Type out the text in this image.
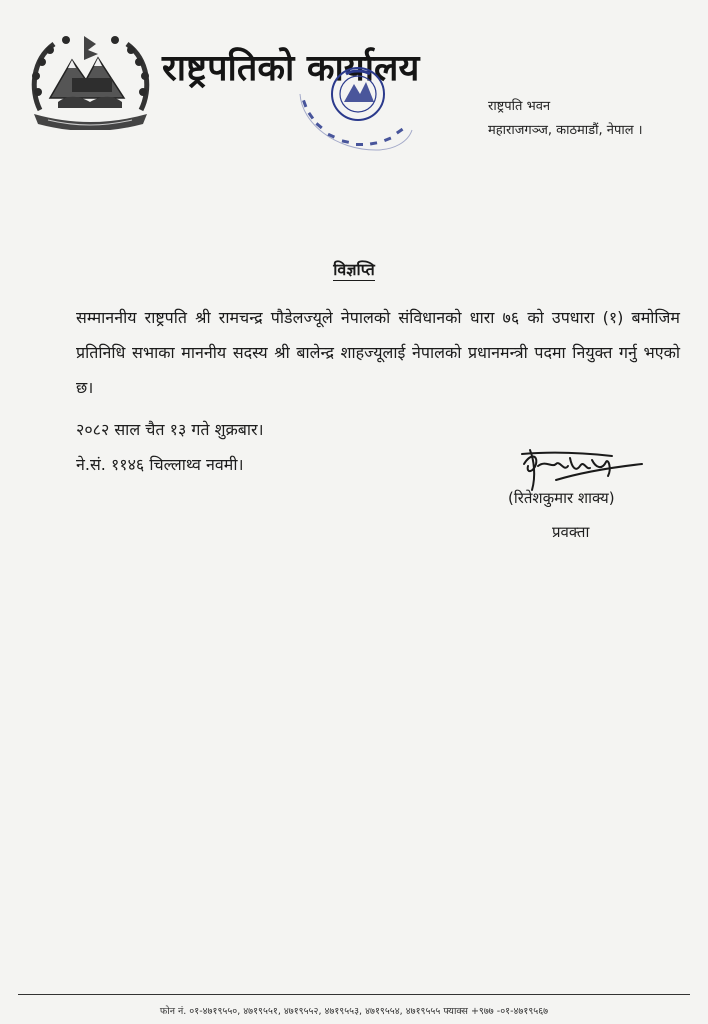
राष्ट्रपतिको कार्यालय
राष्ट्रपति भवन
महाराजगञ्ज, काठमाडौं, नेपाल ।
विज्ञप्ति
सम्माननीय राष्ट्रपति श्री रामचन्द्र पौडेलज्यूले नेपालको संविधानको धारा ७६ को उपधारा (१) बमोजिम प्रतिनिधि सभाका माननीय सदस्य श्री बालेन्द्र शाहज्यूलाई नेपालको प्रधानमन्त्री पदमा नियुक्त गर्नु भएको छ।
२०८२ साल चैत १३ गते शुक्रबार।
ने.सं. ११४६ चिल्लाथ्व नवमी।
(रितेशकुमार शाक्य)
प्रवक्ता
फोन नं. ०१-४७१९५५०, ४७१९५५१, ४७१९५५२, ४७१९५५३, ४७१९५५४, ४७१९५५५ फ्याक्स +९७७ -०१-४७१९५६७
